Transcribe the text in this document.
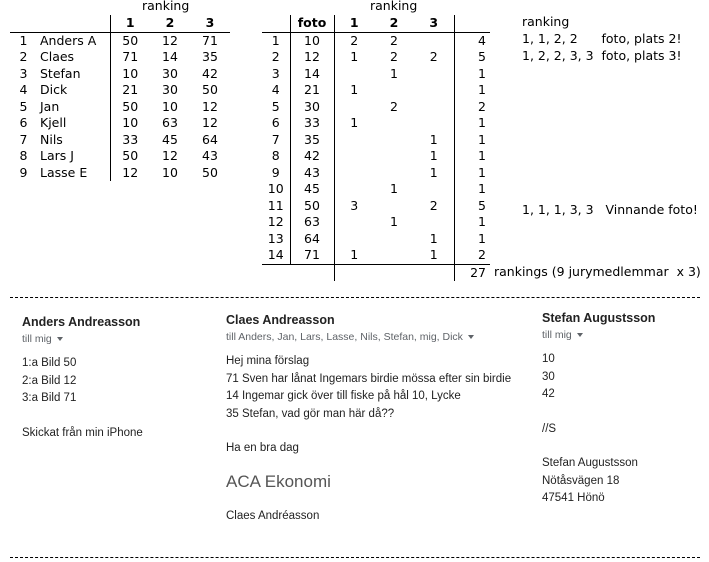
ranking
		1	2	3
1	Anders A	50	12	71
2	Claes	71	14	35
3	Stefan	10	30	42
4	Dick	21	30	50
5	Jan	50	10	12
6	Kjell	10	63	12
7	Nils	33	45	64
8	Lars J	50	12	43
9	Lasse E	12	10	50
ranking
	foto	1	2	3	
1	10	2	2		4
2	12	1	2	2	5
3	14		1		1
4	21	1			1
5	30		2		2
6	33	1			1
7	35			1	1
8	42			1	1
9	43			1	1
10	45		1		1
11	50	3		2	5
12	63		1		1
13	64			1	1
14	71	1		1	2
					27
ranking
1, 1, 2, 2      foto, plats 2!
1, 2, 2, 3, 3  foto, plats 3!
1, 1, 1, 3, 3   Vinnande foto!
Anders Andreasson
till mig
1:a Bild 50
2:a Bild 12
3:a Bild 71
Skickat från min iPhone
Claes Andreasson
till Anders, Jan, Lars, Lasse, Nils, Stefan, mig, Dick
Hej mina förslag
71 Sven har lånat Ingemars birdie mössa efter sin birdie
14 Ingemar gick över till fiske på hål 10, Lycke
35 Stefan, vad gör man här då??
Ha en bra dag
ACA Ekonomi
Claes Andréasson
Stefan Augustsson
till mig
10
30
42
//S
Stefan Augustsson
Nötåsvägen 18
47541 Hönö
rankings (9 jurymedlemmar  x 3)
